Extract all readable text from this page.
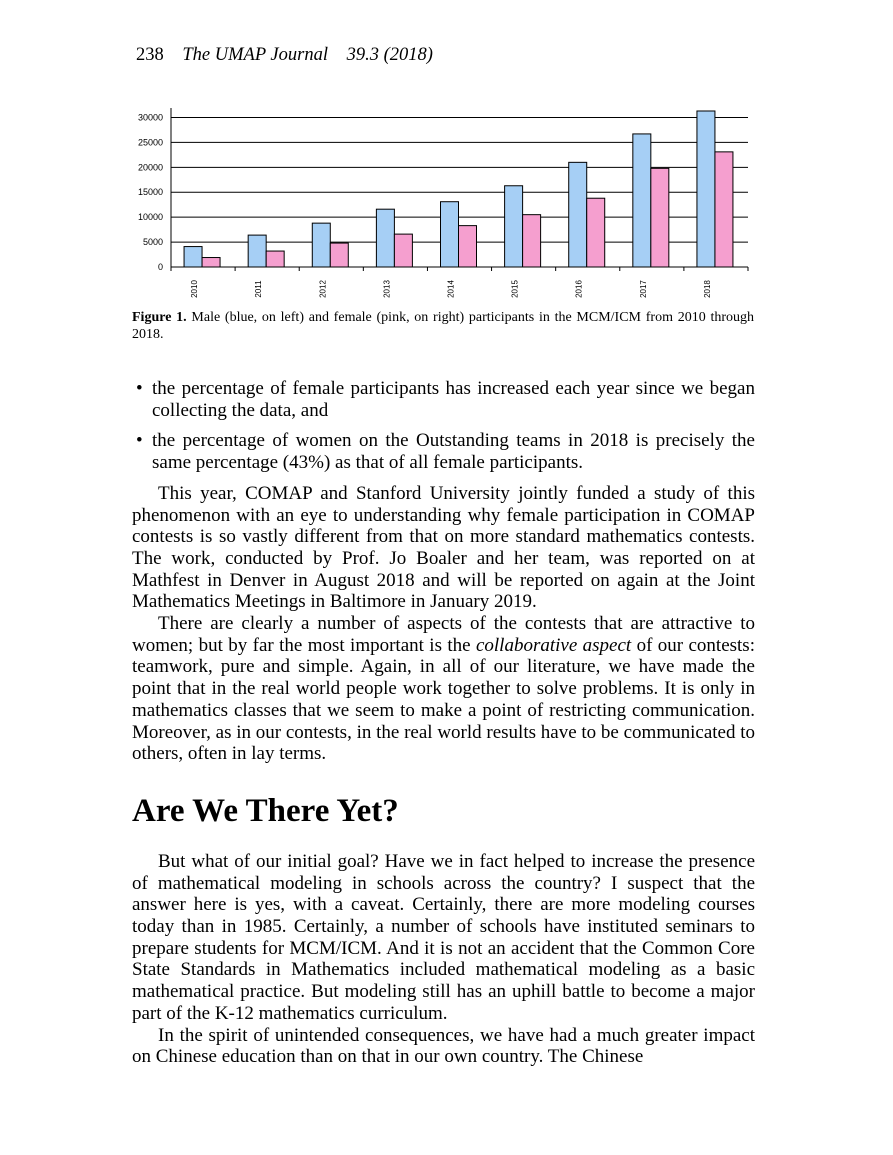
238 The UMAP Journal 39.3 (2018)
0
5000
10000
15000
20000
25000
30000
2010	2011	2012	2013	2014	2015	2016	2017	2018
Figure 1. Male (blue, on left) and female (pink, on right) participants in the MCM/ICM from 2010 through 2018.
• the percentage of female participants has increased each year since we began collecting the data, and
• the percentage of women on the Outstanding teams in 2018 is precisely the same percentage (43%) as that of all female participants.

This year, COMAP and Stanford University jointly funded a study of this phenomenon with an eye to understanding why female participation in COMAP contests is so vastly different from that on more standard mathematics contests. The work, conducted by Prof. Jo Boaler and her team, was reported on at Mathfest in Denver in August 2018 and will be reported on again at the Joint Mathematics Meetings in Baltimore in January 2019.

There are clearly a number of aspects of the contests that are attractive to women; but by far the most important is the collaborative aspect of our contests: teamwork, pure and simple. Again, in all of our literature, we have made the point that in the real world people work together to solve problems. It is only in mathematics classes that we seem to make a point of restricting communication. Moreover, as in our contests, in the real world results have to be communicated to others, often in lay terms.

Are We There Yet?

But what of our initial goal? Have we in fact helped to increase the presence of mathematical modeling in schools across the country? I suspect that the answer here is yes, with a caveat. Certainly, there are more modeling courses today than in 1985. Certainly, a number of schools have instituted seminars to prepare students for MCM/ICM. And it is not an accident that the Common Core State Standards in Mathematics included mathematical modeling as a basic mathematical practice. But modeling still has an uphill battle to become a major part of the K-12 mathematics curriculum.

In the spirit of unintended consequences, we have had a much greater impact on Chinese education than on that in our own country. The Chinese
